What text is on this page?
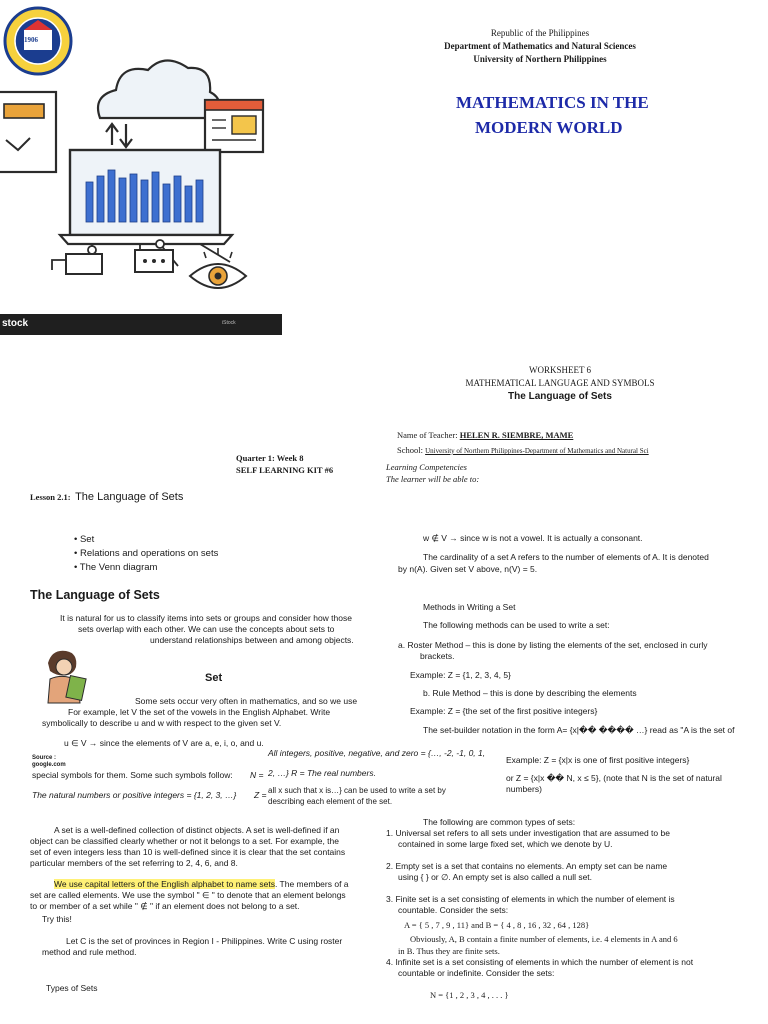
stock	iStock
1906
Republic of the Philippines
Department of Mathematics and Natural Sciences
University of Northern Philippines
MATHEMATICS IN THE
MODERN WORLD
WORKSHEET 6
MATHEMATICAL LANGUAGE AND SYMBOLS
The Language of Sets
Name of Teacher: HELEN R. SIEMBRE, MAME
School: University of Northern Philippines-Department of Mathematics and Natural Sci
Quarter 1: Week 8
SELF LEARNING KIT #6	Learning Competencies
The learner will be able to:
Lesson 2.1: The Language of Sets
• Set
• Relations and operations on sets
• The Venn diagram
The Language of Sets
It is natural for us to classify items into sets or groups and consider how those
sets overlap with each other. We can use the concepts about sets to
understand relationships between and among objects.
Set
Some sets occur very often in mathematics, and so we use
For example, let V the set of the vowels in the English Alphabet. Write
symbolically to describe u and w with respect to the given set V.
u ∈ V → since the elements of V are a, e, i, o, and u.
Source :
google.com
All integers, positive, negative, and zero = {…, -2, -1, 0, 1,
special symbols for them. Some such symbols follow: N = 2, …} R = The real numbers.
The natural numbers or positive integers = {1, 2, 3, …} Z = all x such that x is…} can be used to write a set by
describing each element of the set.
A set is a well-defined collection of distinct objects. A set is well-defined if an
object can be classified clearly whether or not it belongs to a set. For example, the
set of even integers less than 10 is well-defined since it is clear that the set contains
particular members of the set referring to 2, 4, 6, and 8.
We use capital letters of the English alphabet to name sets. The members of a
set are called elements. We use the symbol " ∈ " to denote that an element belongs
to or member of a set while " ∉ " if an element does not belong to a set.
Try this!
Let C is the set of provinces in Region I - Philippines. Write C using roster
method and rule method.
Types of Sets
w ∉ V → since w is not a vowel. It is actually a consonant.
The cardinality of a set A refers to the number of elements of A. It is denoted
by n(A). Given set V above, n(V) = 5.
Methods in Writing a Set
The following methods can be used to write a set:
a. Roster Method – this is done by listing the elements of the set, enclosed in curly
brackets.
Example: Z = {1, 2, 3, 4, 5}
b. Rule Method – this is done by describing the elements
Example: Z = {the set of the first positive integers}
The set-builder notation in the form A= {x|�� ���� …} read as "A is the set of
Example: Z = {x|x is one of first positive integers}
or Z = {x|x �� N, x ≤ 5}, (note that N is the set of natural
numbers)
The following are common types of sets:
1. Universal set refers to all sets under investigation that are assumed to be
contained in some large fixed set, which we denote by U.
2. Empty set is a set that contains no elements. An empty set can be name
using { } or ∅. An empty set is also called a null set.
3. Finite set is a set consisting of elements in which the number of element is
countable. Consider the sets:
A = { 5 , 7 , 9 , 11} and B = { 4 , 8 , 16 , 32 , 64 , 128}
Obviously, A, B contain a finite number of elements, i.e. 4 elements in A and 6
in B. Thus they are finite sets.
4. Infinite set is a set consisting of elements in which the number of element is not
countable or indefinite. Consider the sets:
N = {1 , 2 , 3 , 4 , . . . }
